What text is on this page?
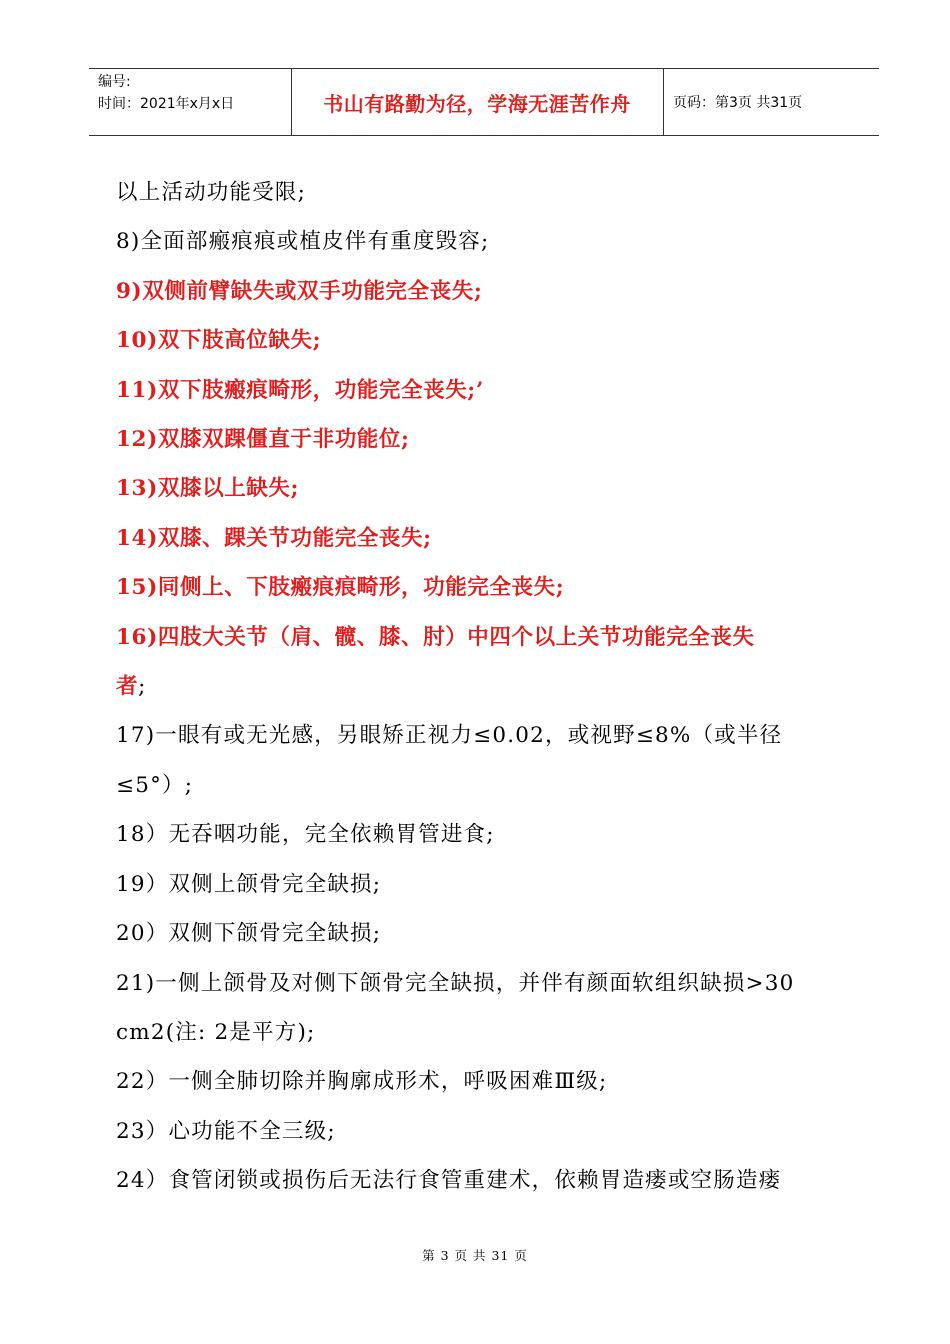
编号:
时间：2021年x月x日	书山有路勤为径，学海无涯苦作舟	页码：第3页 共31页
以上活动功能受限;
8)全面部瘢痕痕或植皮伴有重度毁容;
9)双侧前臂缺失或双手功能完全丧失;
10)双下肢高位缺失;
11)双下肢瘢痕畸形，功能完全丧失;’
12)双膝双踝僵直于非功能位;
13)双膝以上缺失;
14)双膝、踝关节功能完全丧失;
15)同侧上、下肢瘢痕痕畸形，功能完全丧失;
16)四肢大关节（肩、髋、膝、肘）中四个以上关节功能完全丧失
者;
17)一眼有或无光感，另眼矫正视力≤0.02，或视野≤8%（或半径
≤5°）;
18）无吞咽功能，完全依赖胃管进食;
19）双侧上颌骨完全缺损;
20）双侧下颌骨完全缺损;
21)一侧上颌骨及对侧下颌骨完全缺损，并伴有颜面软组织缺损>30
cm2(注: 2是平方);
22）一侧全肺切除并胸廓成形术，呼吸困难Ⅲ级;
23）心功能不全三级;
24）食管闭锁或损伤后无法行食管重建术，依赖胃造瘘或空肠造瘘
第 3 页 共 31 页
